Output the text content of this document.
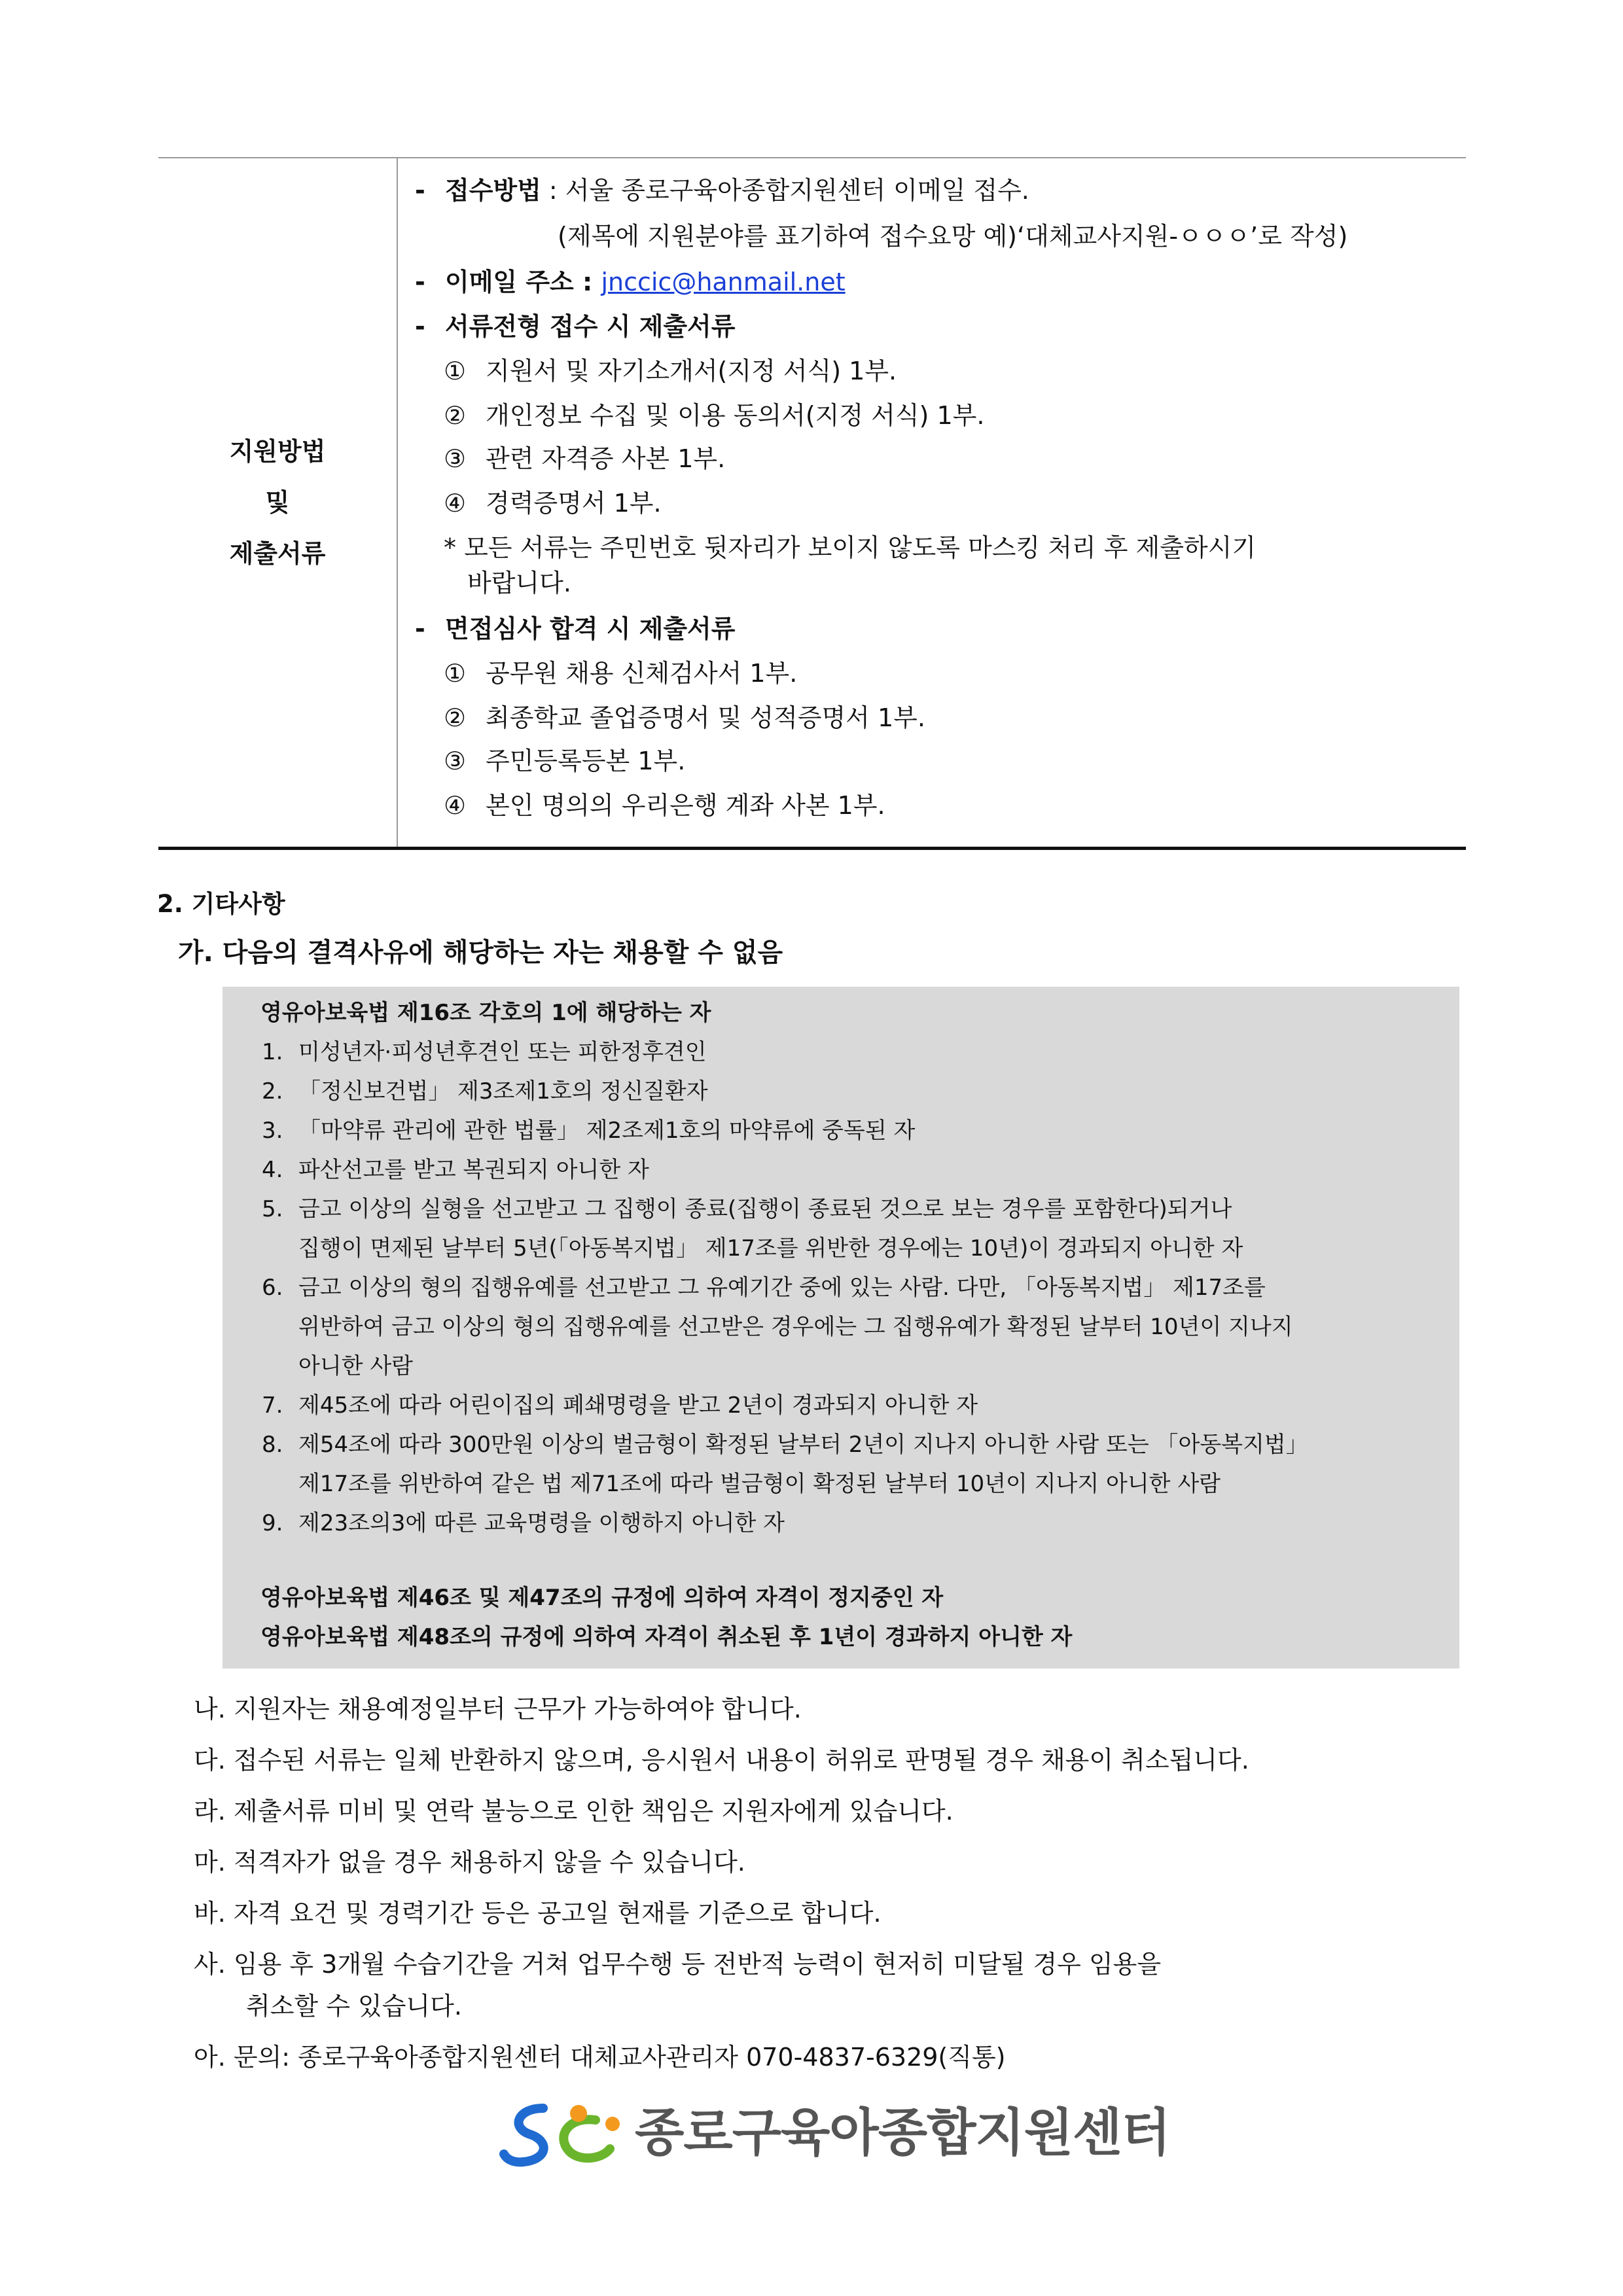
지원방법
및
제출서류
- 접수방법 : 서울 종로구육아종합지원센터 이메일 접수.
(제목에 지원분야를 표기하여 접수요망 예)‘대체교사지원-ㅇㅇㅇ’로 작성)
- 이메일 주소 : jnccic@hanmail.net
- 서류전형 접수 시 제출서류
① 지원서 및 자기소개서(지정 서식) 1부.
② 개인정보 수집 및 이용 동의서(지정 서식) 1부.
③ 관련 자격증 사본 1부.
④ 경력증명서 1부.
* 모든 서류는 주민번호 뒷자리가 보이지 않도록 마스킹 처리 후 제출하시기
바랍니다.
- 면접심사 합격 시 제출서류
① 공무원 채용 신체검사서 1부.
② 최종학교 졸업증명서 및 성적증명서 1부.
③ 주민등록등본 1부.
④ 본인 명의의 우리은행 계좌 사본 1부.
2. 기타사항
가. 다음의 결격사유에 해당하는 자는 채용할 수 없음
영유아보육법 제16조 각호의 1에 해당하는 자
1. 미성년자·피성년후견인 또는 피한정후견인
2. 「정신보건법」 제3조제1호의 정신질환자
3. 「마약류 관리에 관한 법률」 제2조제1호의 마약류에 중독된 자
4. 파산선고를 받고 복권되지 아니한 자
5. 금고 이상의 실형을 선고받고 그 집행이 종료(집행이 종료된 것으로 보는 경우를 포함한다)되거나
집행이 면제된 날부터 5년(「아동복지법」 제17조를 위반한 경우에는 10년)이 경과되지 아니한 자
6. 금고 이상의 형의 집행유예를 선고받고 그 유예기간 중에 있는 사람. 다만, 「아동복지법」 제17조를
위반하여 금고 이상의 형의 집행유예를 선고받은 경우에는 그 집행유예가 확정된 날부터 10년이 지나지
아니한 사람
7. 제45조에 따라 어린이집의 폐쇄명령을 받고 2년이 경과되지 아니한 자
8. 제54조에 따라 300만원 이상의 벌금형이 확정된 날부터 2년이 지나지 아니한 사람 또는 「아동복지법」
제17조를 위반하여 같은 법 제71조에 따라 벌금형이 확정된 날부터 10년이 지나지 아니한 사람
9. 제23조의3에 따른 교육명령을 이행하지 아니한 자
영유아보육법 제46조 및 제47조의 규정에 의하여 자격이 정지중인 자
영유아보육법 제48조의 규정에 의하여 자격이 취소된 후 1년이 경과하지 아니한 자
나. 지원자는 채용예정일부터 근무가 가능하여야 합니다.
다. 접수된 서류는 일체 반환하지 않으며, 응시원서 내용이 허위로 판명될 경우 채용이 취소됩니다.
라. 제출서류 미비 및 연락 불능으로 인한 책임은 지원자에게 있습니다.
마. 적격자가 없을 경우 채용하지 않을 수 있습니다.
바. 자격 요건 및 경력기간 등은 공고일 현재를 기준으로 합니다.
사. 임용 후 3개월 수습기간을 거쳐 업무수행 등 전반적 능력이 현저히 미달될 경우 임용을
취소할 수 있습니다.
아. 문의: 종로구육아종합지원센터 대체교사관리자 070-4837-6329(직통)
종로구육아종합지원센터
